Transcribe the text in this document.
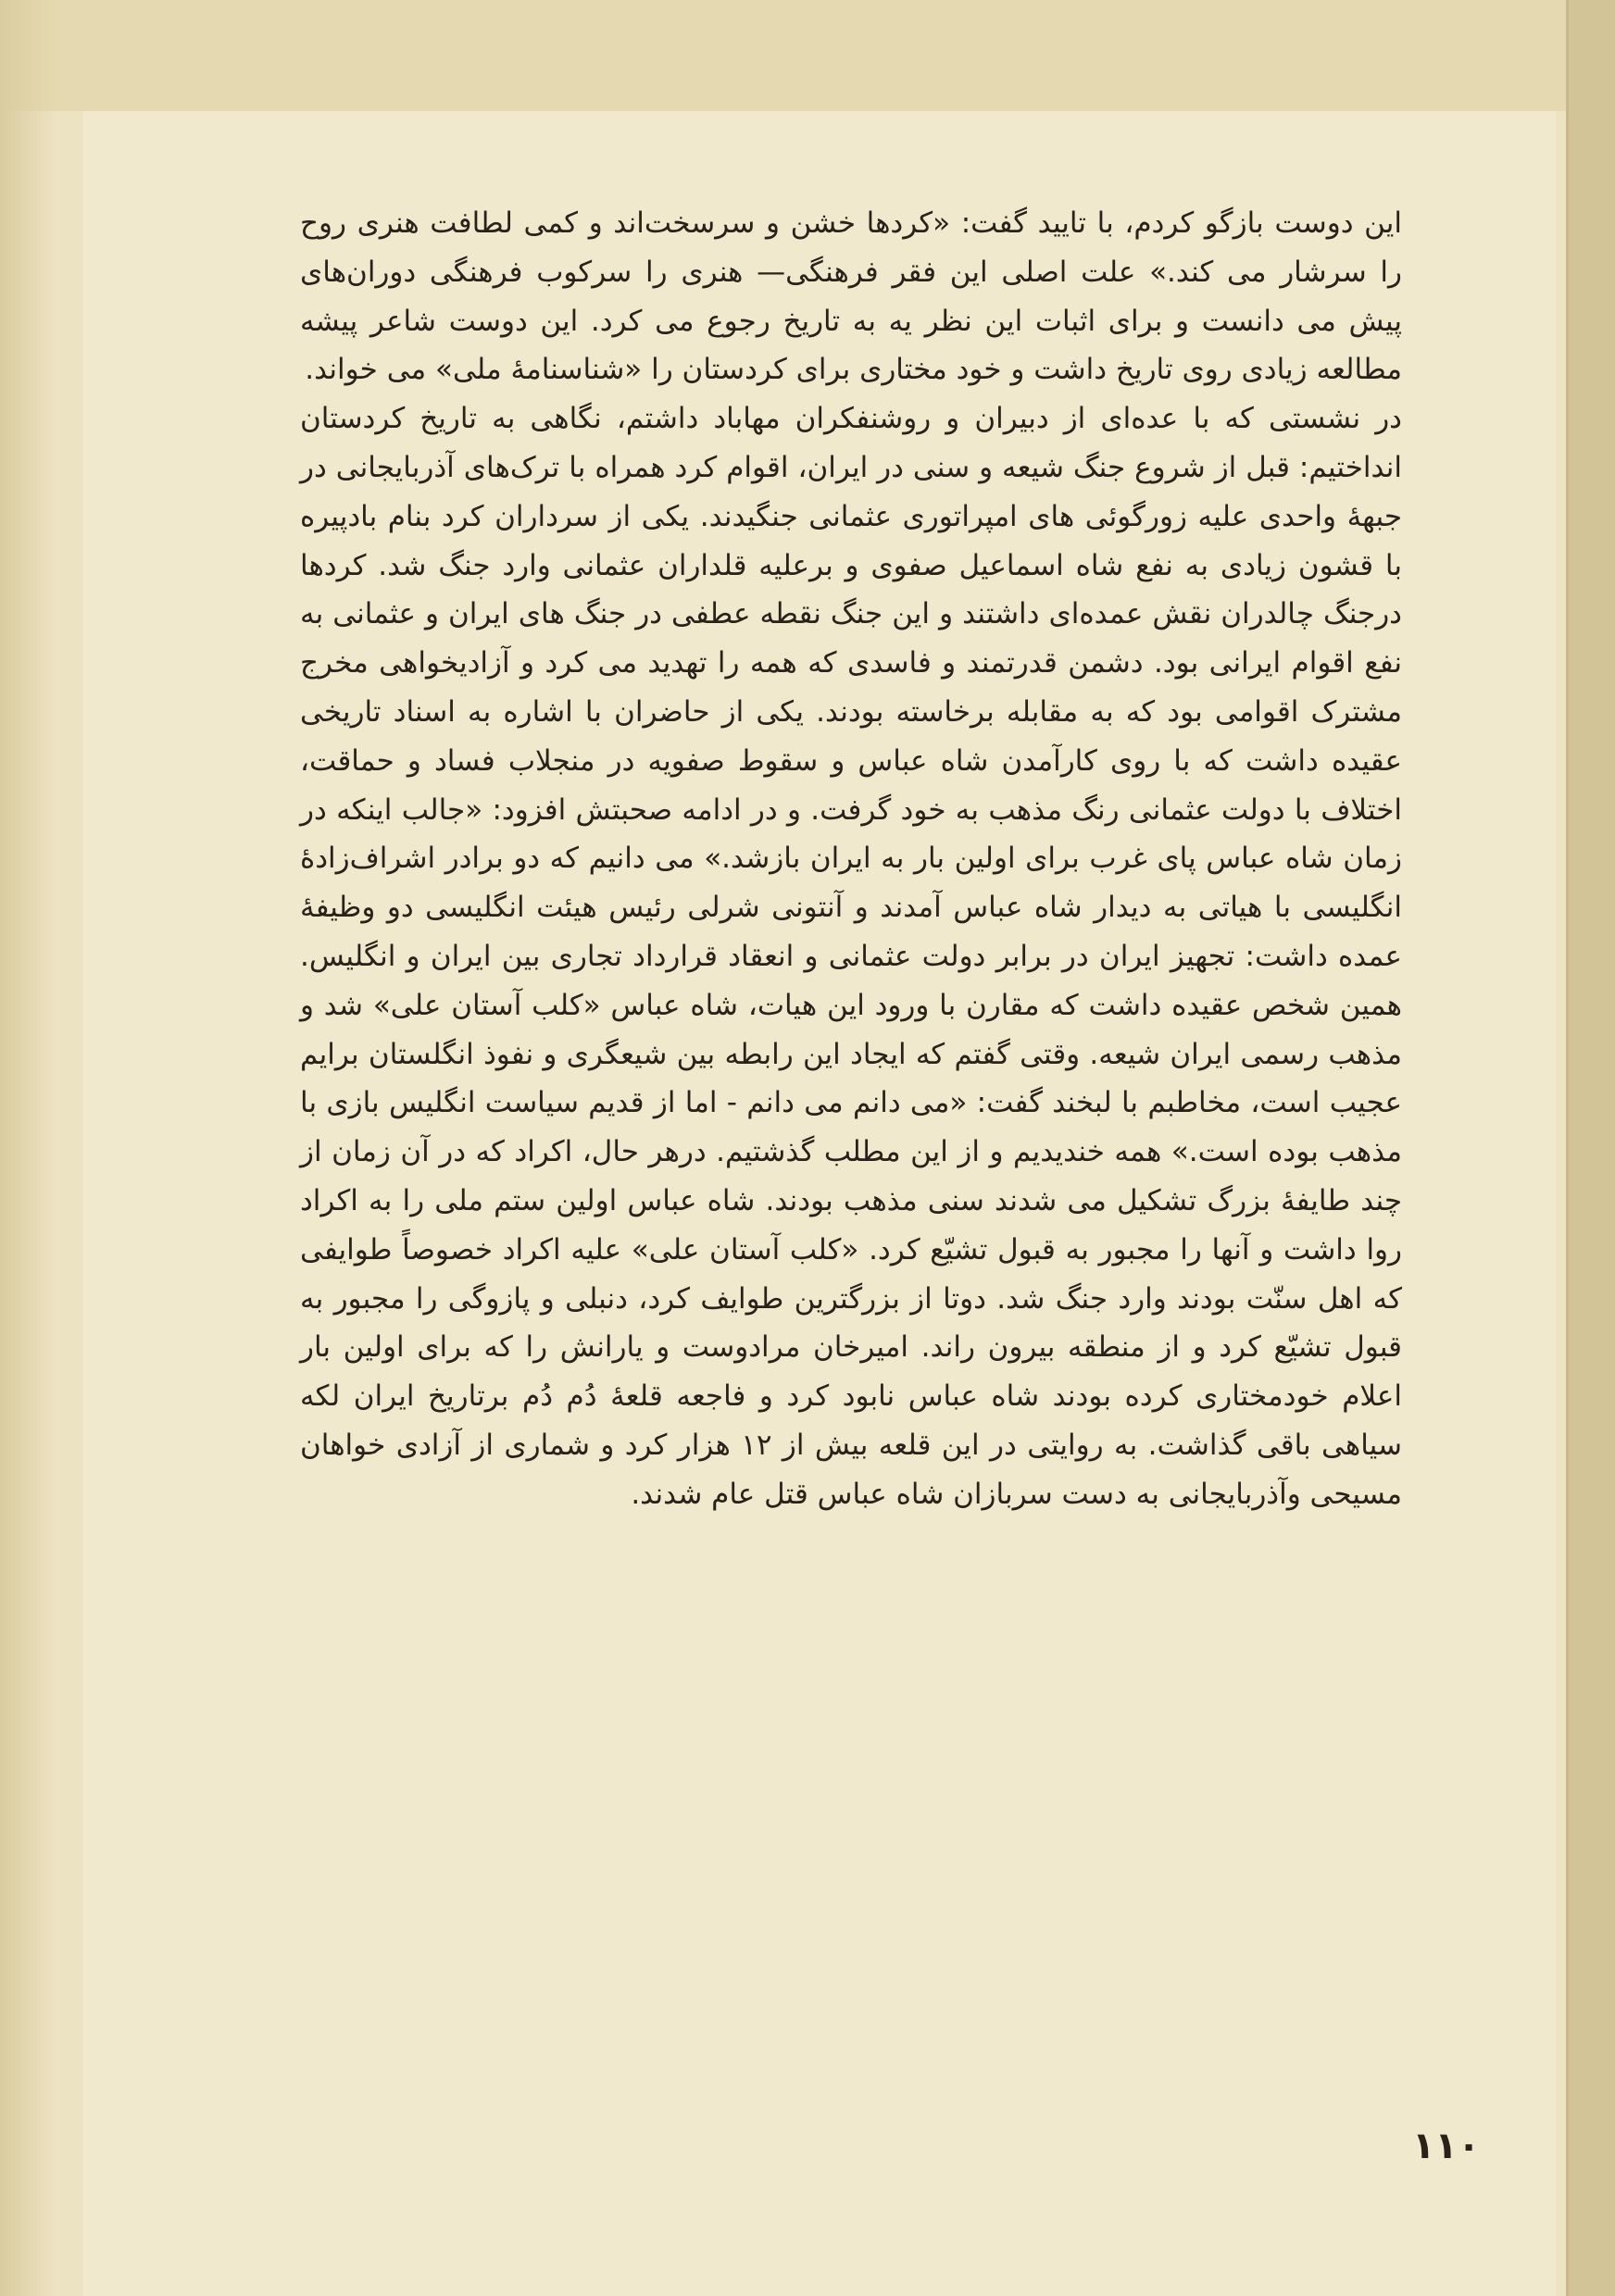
این دوست بازگو کردم، با تایید گفت: «کردها خشن و سرسخت‌اند و کمی لطافت هنری روح را سرشار می کند.» علت اصلی این فقر فرهنگی— هنری را سرکوب فرهنگی دوران‌های پیش می دانست و برای اثبات این نظر یه به تاریخ رجوع می کرد. این دوست شاعر پیشه مطالعه زیادی روی تاریخ داشت و خود مختاری برای کردستان را «شناسنامهٔ ملی» می خواند.

در نشستی که با عده‌ای از دبیران و روشنفکران مهاباد داشتم، نگاهی به تاریخ کردستان انداختیم: قبل از شروع جنگ شیعه و سنی در ایران، اقوام کرد همراه با ترک‌های آذربایجانی در جبههٔ واحدی علیه زورگوئی های امپراتوری عثمانی جنگیدند. یکی از سرداران کرد بنام بادپیره با قشون زیادی به نفع شاه اسماعیل صفوی و برعلیه قلداران عثمانی وارد جنگ شد. کردها درجنگ چالدران نقش عمده‌ای داشتند و این جنگ نقطه عطفی در جنگ های ایران و عثمانی به نفع اقوام ایرانی بود. دشمن قدرتمند و فاسدی که همه را تهدید می کرد و آزادیخواهی مخرج مشترک اقوامی بود که به مقابله برخاسته بودند. یکی از حاضران با اشاره به اسناد تاریخی عقیده داشت که با روی کارآمدن شاه عباس و سقوط صفویه در منجلاب فساد و حماقت، اختلاف با دولت عثمانی رنگ مذهب به خود گرفت. و در ادامه صحبتش افزود: «جالب اینکه در زمان شاه عباس پای غرب برای اولین بار به ایران بازشد.» می دانیم که دو برادر اشراف‌زادهٔ انگلیسی با هیاتی به دیدار شاه عباس آمدند و آنتونی شرلی رئیس هیئت انگلیسی دو وظیفهٔ عمده داشت: تجهیز ایران در برابر دولت عثمانی و انعقاد قرارداد تجاری بین ایران و انگلیس. همین شخص عقیده داشت که مقارن با ورود این هیات، شاه عباس «کلب آستان علی» شد و مذهب رسمی ایران شیعه. وقتی گفتم که ایجاد این رابطه بین شیعگری و نفوذ انگلستان برایم عجیب است، مخاطبم با لبخند گفت: «می دانم می دانم ‐ اما از قدیم سیاست انگلیس بازی با مذهب بوده است.» همه خندیدیم و از این مطلب گذشتیم. درهر حال، اکراد که در آن زمان از چند طایفهٔ بزرگ تشکیل می شدند سنی مذهب بودند. شاه عباس اولین ستم ملی را به اکراد روا داشت و آنها را مجبور به قبول تشیّع کرد. «کلب آستان علی» علیه اکراد خصوصاً طوایفی که اهل سنّت بودند وارد جنگ شد. دوتا از بزرگترین طوایف کرد، دنبلی و پازوگی را مجبور به قبول تشیّع کرد و از منطقه بیرون راند. امیرخان مرادوست و یارانش را که برای اولین بار اعلام خودمختاری کرده بودند شاه عباس نابود کرد و فاجعه قلعهٔ دُم دُم برتاریخ ایران لکه سیاهی باقی گذاشت. به روایتی در این قلعه بیش از ۱۲ هزار کرد و شماری از آزادی خواهان مسیحی وآذربایجانی به دست سربازان شاه عباس قتل عام شدند.

۱۱۰
